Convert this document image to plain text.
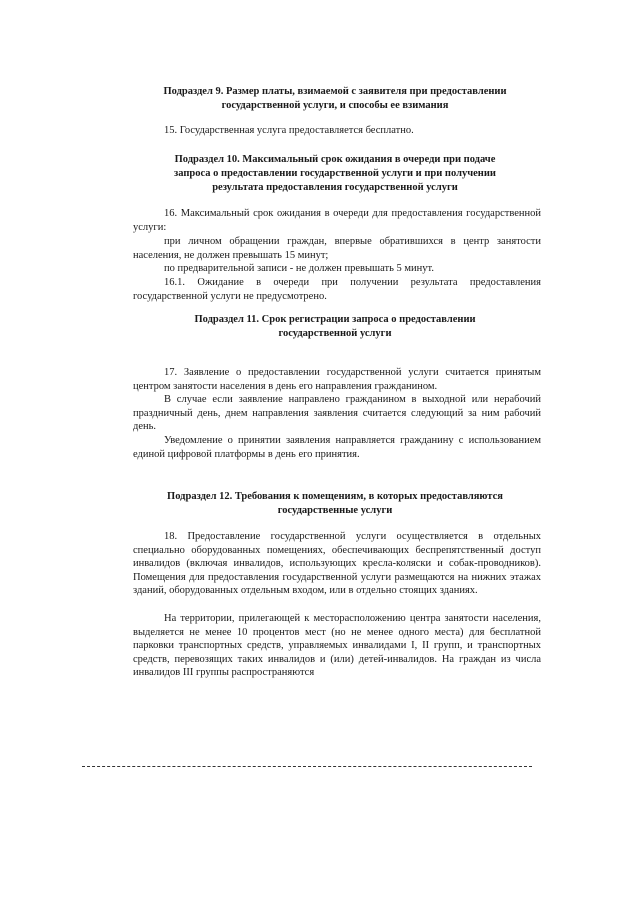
Подраздел 9. Размер платы, взимаемой с заявителя при предоставлении
государственной услуги, и способы ее взимания
15. Государственная услуга предоставляется бесплатно.
Подраздел 10. Максимальный срок ожидания в очереди при подаче
запроса о предоставлении государственной услуги и при получении
результата предоставления государственной услуги
16. Максимальный срок ожидания в очереди для предоставления государственной услуги:
при личном обращении граждан, впервые обратившихся в центр занятости населения, не должен превышать 15 минут;
по предварительной записи - не должен превышать 5 минут.
16.1. Ожидание в очереди при получении результата предоставления государственной услуги не предусмотрено.
Подраздел 11. Срок регистрации запроса о предоставлении
государственной услуги
17. Заявление о предоставлении государственной услуги считается принятым центром занятости населения в день его направления гражданином.
В случае если заявление направлено гражданином в выходной или нерабочий праздничный день, днем направления заявления считается следующий за ним рабочий день.
Уведомление о принятии заявления направляется гражданину с использованием единой цифровой платформы в день его принятия.
Подраздел 12. Требования к помещениям, в которых предоставляются
государственные услуги
18. Предоставление государственной услуги осуществляется в отдельных специально оборудованных помещениях, обеспечивающих беспрепятственный доступ инвалидов (включая инвалидов, использующих кресла-коляски и собак-проводников). Помещения для предоставления государственной услуги размещаются на нижних этажах зданий, оборудованных отдельным входом, или в отдельно стоящих зданиях.
На территории, прилегающей к месторасположению центра занятости населения, выделяется не менее 10 процентов мест (но не менее одного места) для бесплатной парковки транспортных средств, управляемых инвалидами I, II групп, и транспортных средств, перевозящих таких инвалидов и (или) детей-инвалидов. На граждан из числа инвалидов III группы распространяются
